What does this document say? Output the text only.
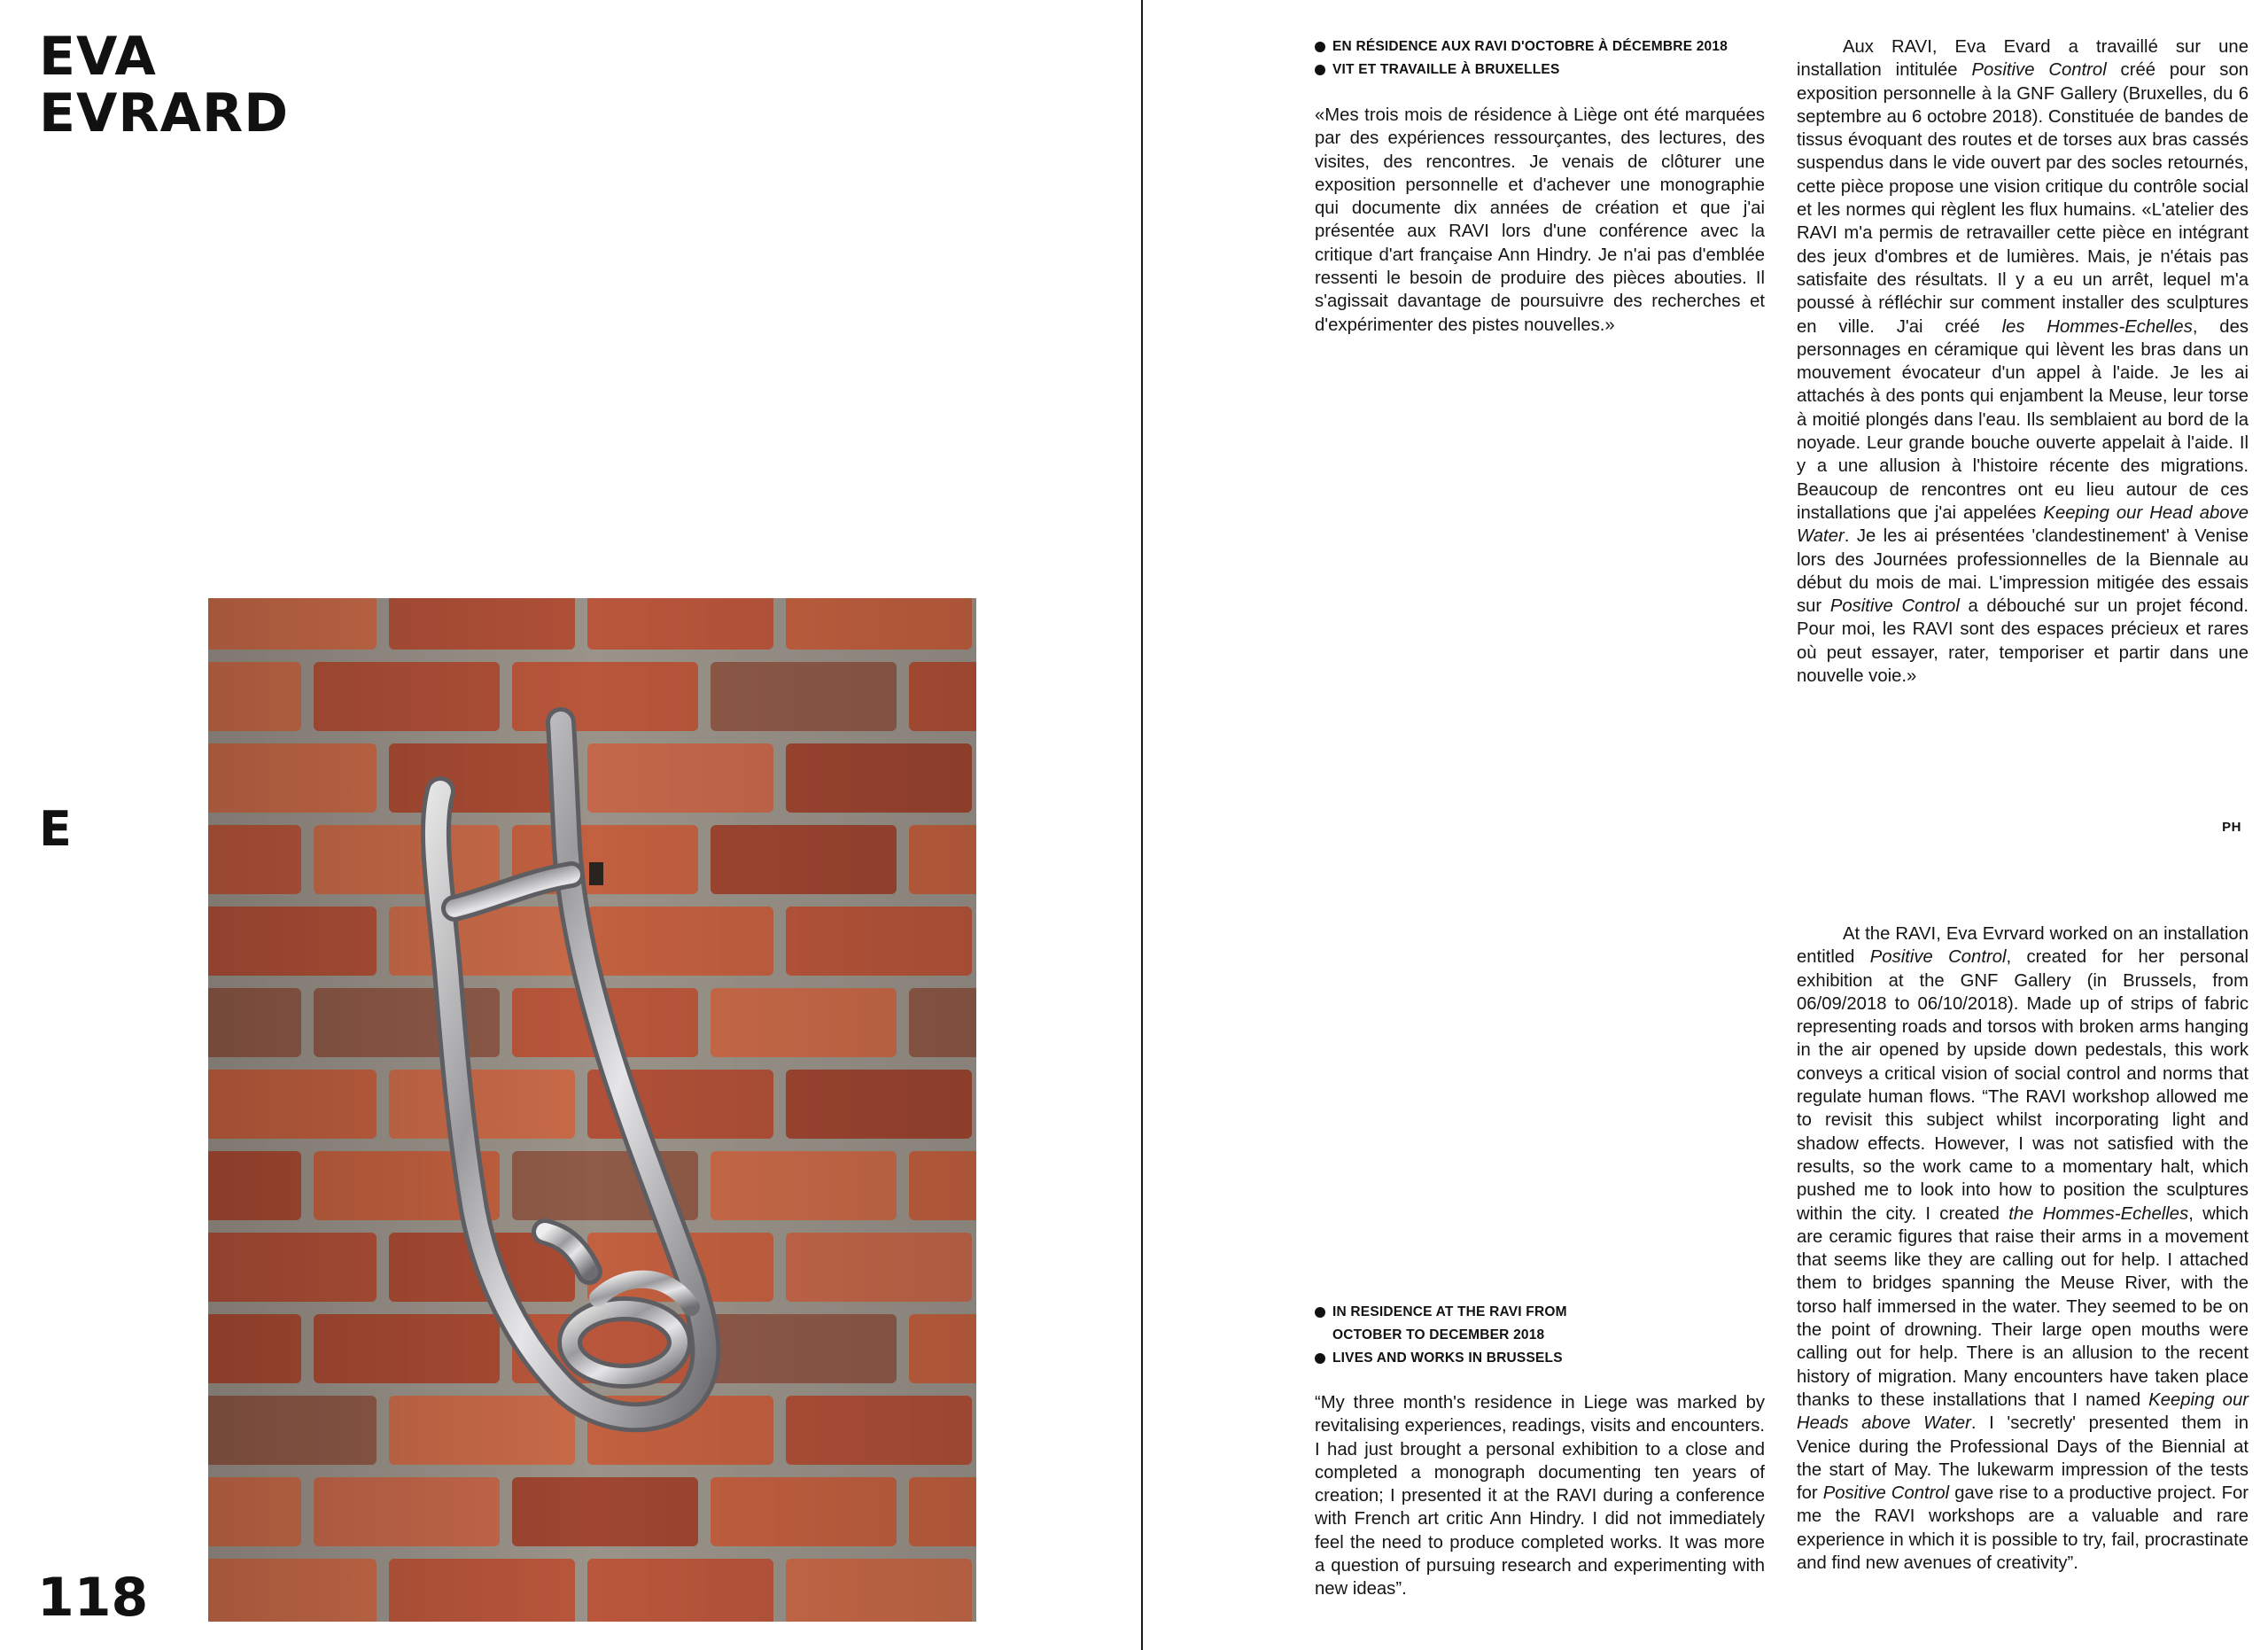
EVA
EVRARD
E
118
EN RÉSIDENCE AUX RAVI D'OCTOBRE À DÉCEMBRE 2018
VIT ET TRAVAILLE À BRUXELLES

«Mes trois mois de résidence à Liège ont été marquées par des expériences ressourçantes, des lectures, des visites, des rencontres. Je venais de clôturer une exposition personnelle et d'achever une monographie qui documente dix années de création et que j'ai présentée aux RAVI lors d'une conférence avec la critique d'art française Ann Hindry. Je n'ai pas d'emblée ressenti le besoin de produire des pièces abouties. Il s'agissait davantage de poursuivre des recherches et d'expérimenter des pistes nouvelles.»

Aux RAVI, Eva Evard a travaillé sur une installation intitulée Positive Control créé pour son exposition personnelle à la GNF Gallery (Bruxelles, du 6 septembre au 6 octobre 2018). Constituée de bandes de tissus évoquant des routes et de torses aux bras cassés suspendus dans le vide ouvert par des socles retournés, cette pièce propose une vision critique du contrôle social et les normes qui règlent les flux humains. «L'atelier des RAVI m'a permis de retravailler cette pièce en intégrant des jeux d'ombres et de lumières. Mais, je n'étais pas satisfaite des résultats. Il y a eu un arrêt, lequel m'a poussé à réfléchir sur comment installer des sculptures en ville. J'ai créé les Hommes-Echelles, des personnages en céramique qui lèvent les bras dans un mouvement évocateur d'un appel à l'aide. Je les ai attachés à des ponts qui enjambent la Meuse, leur torse à moitié plongés dans l'eau. Ils semblaient au bord de la noyade. Leur grande bouche ouverte appelait à l'aide. Il y a une allusion à l'histoire récente des migrations. Beaucoup de rencontres ont eu lieu autour de ces installations que j'ai appelées Keeping our Head above Water. Je les ai présentées 'clandestinement' à Venise lors des Journées professionnelles de la Biennale au début du mois de mai. L'impression mitigée des essais sur Positive Control a débouché sur un projet fécond. Pour moi, les RAVI sont des espaces précieux et rares où peut essayer, rater, temporiser et partir dans une nouvelle voie.»

PH
IN RESIDENCE AT THE RAVI FROM OCTOBER TO DECEMBER 2018
LIVES AND WORKS IN BRUSSELS

“My three month's residence in Liege was marked by revitalising experiences, readings, visits and encounters. I had just brought a personal exhibition to a close and completed a monograph documenting ten years of creation; I presented it at the RAVI during a conference with French art critic Ann Hindry. I did not immediately feel the need to produce completed works. It was more a question of pursuing research and experimenting with new ideas”.

At the RAVI, Eva Evrvard worked on an installation entitled Positive Control, created for her personal exhibition at the GNF Gallery (in Brussels, from 06/09/2018 to 06/10/2018). Made up of strips of fabric representing roads and torsos with broken arms hanging in the air opened by upside down pedestals, this work conveys a critical vision of social control and norms that regulate human flows. “The RAVI workshop allowed me to revisit this subject whilst incorporating light and shadow effects. However, I was not satisfied with the results, so the work came to a momentary halt, which pushed me to look into how to position the sculptures within the city. I created the Hommes-Echelles, which are ceramic figures that raise their arms in a movement that seems like they are calling out for help. I attached them to bridges spanning the Meuse River, with the torso half immersed in the water. They seemed to be on the point of drowning. Their large open mouths were calling out for help. There is an allusion to the recent history of migration. Many encounters have taken place thanks to these installations that I named Keeping our Heads above Water. I 'secretly' presented them in Venice during the Professional Days of the Biennial at the start of May. The lukewarm impression of the tests for Positive Control gave rise to a productive project. For me the RAVI workshops are a valuable and rare experience in which it is possible to try, fail, procrastinate and find new avenues of creativity”.
